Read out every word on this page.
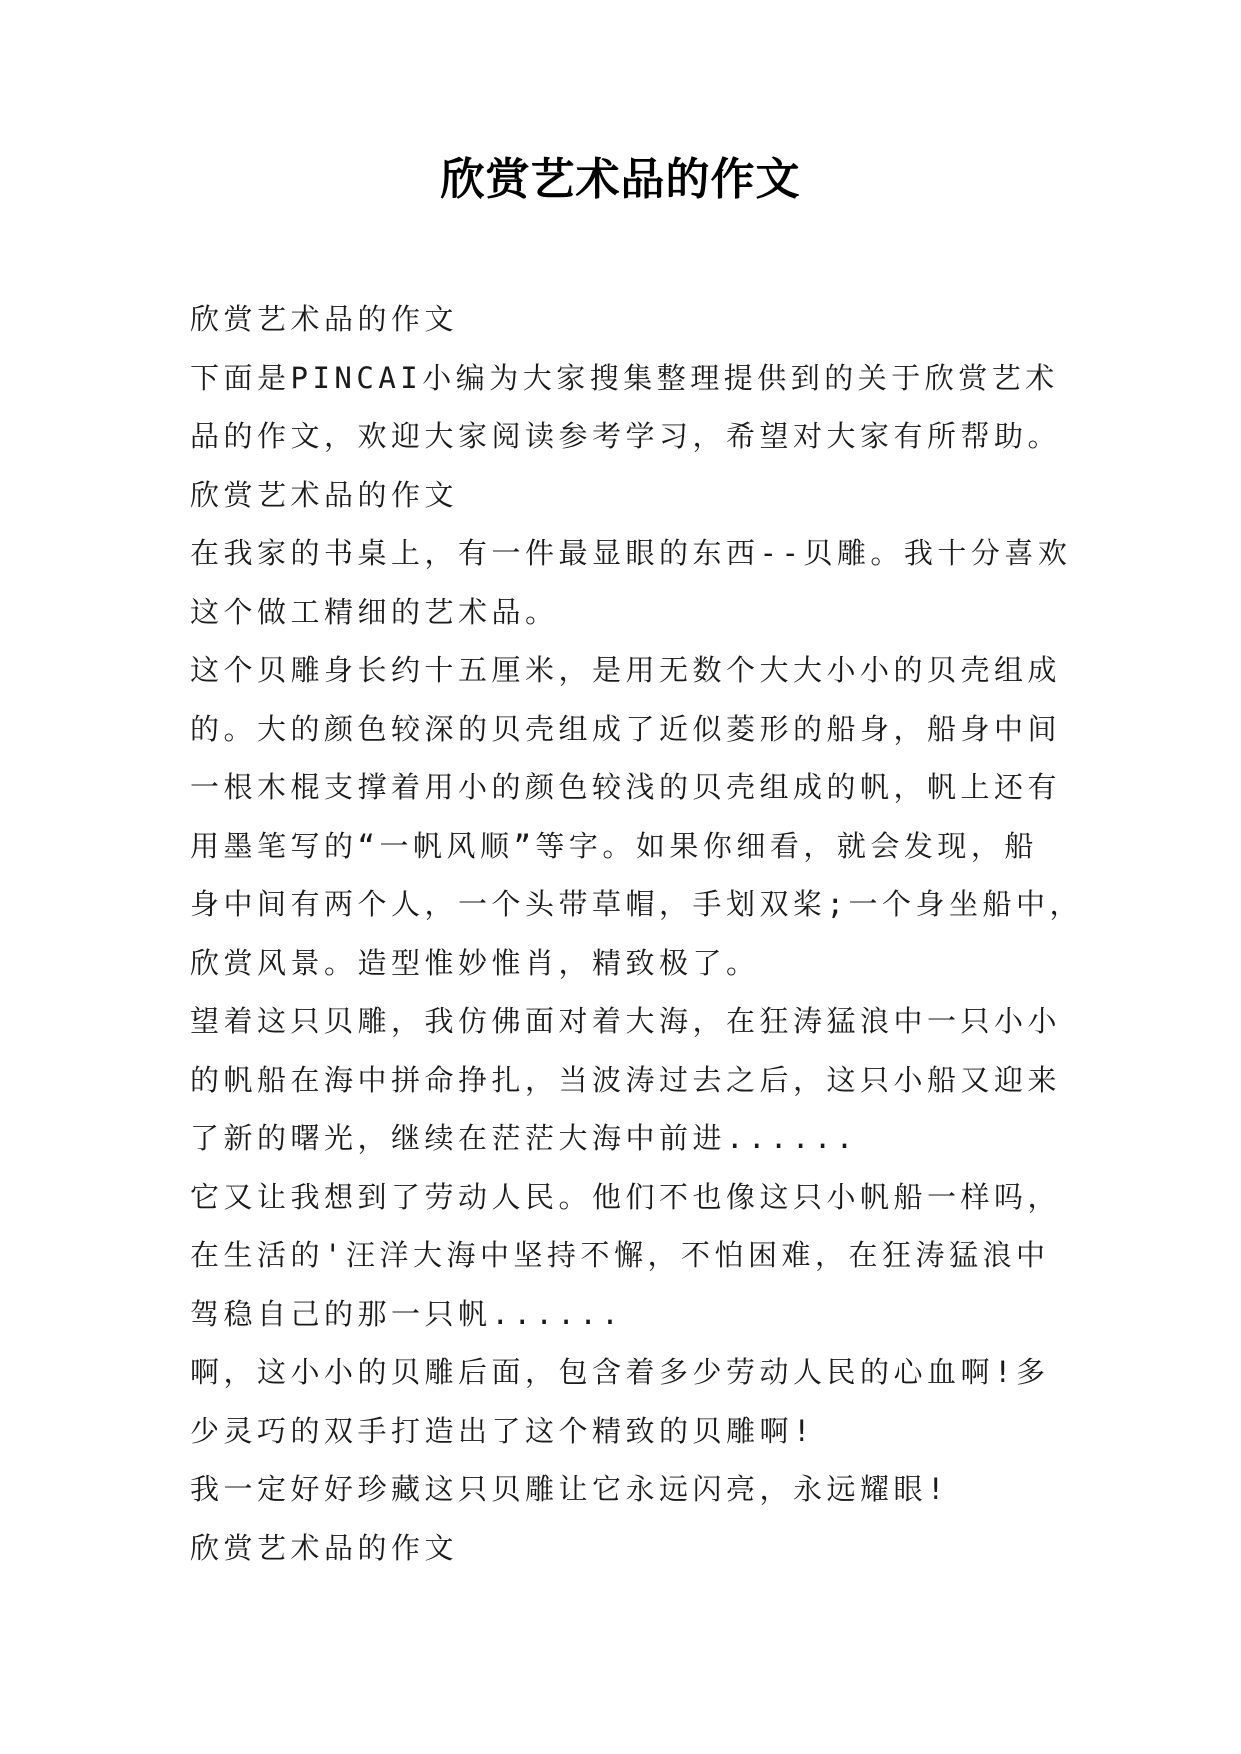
欣赏艺术品的作文
欣赏艺术品的作文
下面是PINCAI小编为大家搜集整理提供到的关于欣赏艺术
品的作文，欢迎大家阅读参考学习，希望对大家有所帮助。
欣赏艺术品的作文
在我家的书桌上，有一件最显眼的东西--贝雕。我十分喜欢
这个做工精细的艺术品。
这个贝雕身长约十五厘米，是用无数个大大小小的贝壳组成
的。大的颜色较深的贝壳组成了近似菱形的船身，船身中间
一根木棍支撑着用小的颜色较浅的贝壳组成的帆，帆上还有
用墨笔写的“一帆风顺”等字。如果你细看，就会发现，船
身中间有两个人，一个头带草帽，手划双桨;一个身坐船中，
欣赏风景。造型惟妙惟肖，精致极了。
望着这只贝雕，我仿佛面对着大海，在狂涛猛浪中一只小小
的帆船在海中拼命挣扎，当波涛过去之后，这只小船又迎来
了新的曙光，继续在茫茫大海中前进......
它又让我想到了劳动人民。他们不也像这只小帆船一样吗，
在生活的'汪洋大海中坚持不懈，不怕困难，在狂涛猛浪中
驾稳自己的那一只帆......
啊，这小小的贝雕后面，包含着多少劳动人民的心血啊!多
少灵巧的双手打造出了这个精致的贝雕啊!
我一定好好珍藏这只贝雕让它永远闪亮，永远耀眼!
欣赏艺术品的作文
